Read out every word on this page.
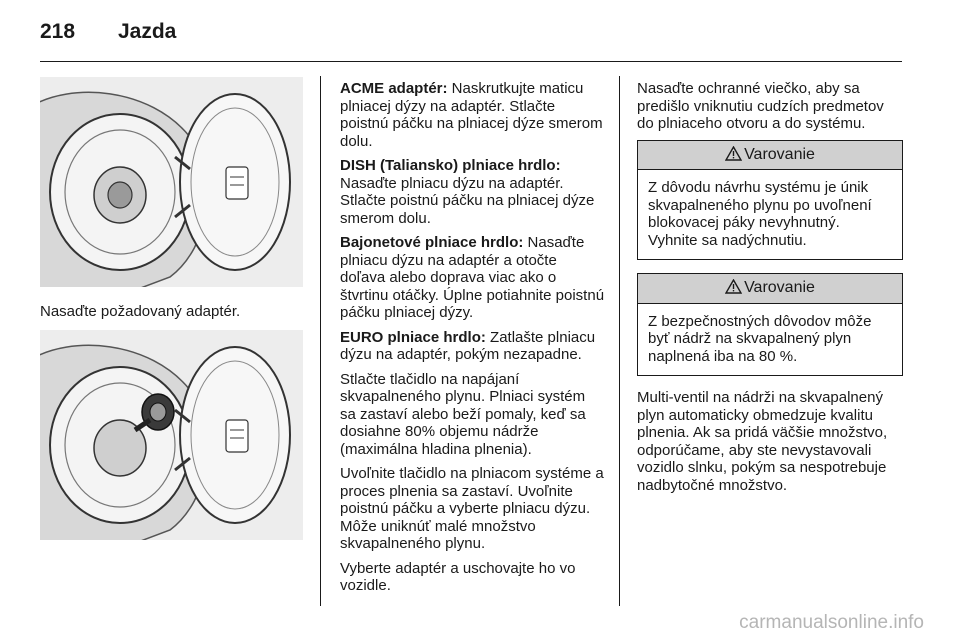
218 Jazda
Nasaďte požadovaný adaptér.

ACME adaptér: Naskrutkujte maticu plniacej dýzy na adaptér. Stlačte poistnú páčku na plniacej dýze smerom dolu.

DISH (Taliansko) plniace hrdlo: Nasaďte plniacu dýzu na adaptér. Stlačte poistnú páčku na plniacej dýze smerom dolu.

Bajonetové plniace hrdlo: Nasaďte plniacu dýzu na adaptér a otočte doľava alebo doprava viac ako o štvrtinu otáčky. Úplne potiahnite poistnú páčku plniacej dýzy.

EURO plniace hrdlo: Zatlašte plniacu dýzu na adaptér, pokým nezapadne.

Stlačte tlačidlo na napájaní skvapalneného plynu. Plniaci systém sa zastaví alebo beží pomaly, keď sa dosiahne 80% objemu nádrže (maximálna hladina plnenia).

Uvoľnite tlačidlo na plniacom systéme a proces plnenia sa zastaví. Uvoľnite poistnú páčku a vyberte plniacu dýzu. Môže uniknúť malé množstvo skvapalneného plynu.

Vyberte adaptér a uschovajte ho vo vozidle.

Nasaďte ochranné viečko, aby sa predišlo vniknutiu cudzích predmetov do plniaceho otvoru a do systému.

Varovanie
Z dôvodu návrhu systému je únik skvapalneného plynu po uvoľnení blokovacej páky nevyhnutný. Vyhnite sa nadýchnutiu.
Varovanie
Z bezpečnostných dôvodov môže byť nádrž na skvapalnený plyn naplnená iba na 80 %.

Multi-ventil na nádrži na skvapalnený plyn automaticky obmedzuje kvalitu plnenia. Ak sa pridá väčšie množstvo, odporúčame, aby ste nevystavovali vozidlo slnku, pokým sa nespotrebuje nadbytočné množstvo.

carmanualsonline.info
